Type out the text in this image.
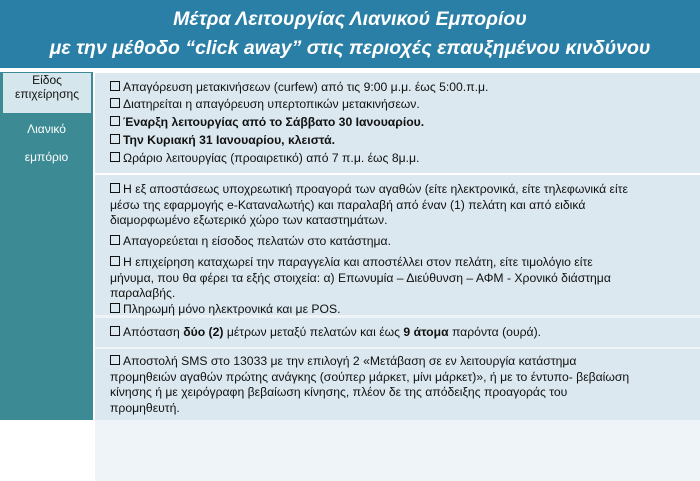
Μέτρα Λειτουργίας Λιανικού Εμπορίου
με την μέθοδο “click away” στις περιοχές επαυξημένου κινδύνου
Είδος
επιχείρησης
Λιανικό
εμπόριο
Απαγόρευση μετακινήσεων (curfew) από τις 9:00 μ.μ. έως 5:00.π.μ.
Διατηρείται η απαγόρευση υπερτοπικών μετακινήσεων.
Έναρξη λειτουργίας από το Σάββατο 30 Ιανουαρίου.
Την Κυριακή 31 Ιανουαρίου, κλειστά.
Ωράριο λειτουργίας (προαιρετικό) από 7 π.μ. έως 8μ.μ.
Η εξ αποστάσεως υποχρεωτική προαγορά των αγαθών (είτε ηλεκτρονικά, είτε τηλεφωνικά είτε
μέσω της εφαρμογής e-Καταναλωτής) και παραλαβή από έναν (1) πελάτη και από ειδικά
διαμορφωμένο εξωτερικό χώρο των καταστημάτων.
Απαγορεύεται η είσοδος πελατών στο κατάστημα.
Η επιχείρηση καταχωρεί την παραγγελία και αποστέλλει στον πελάτη, είτε τιμολόγιο είτε
μήνυμα, που θα φέρει τα εξής στοιχεία: α) Επωνυμία – Διεύθυνση – ΑΦΜ - Χρονικό διάστημα
παραλαβής.
Πληρωμή μόνο ηλεκτρονικά και με POS.
Απόσταση δύο (2) μέτρων μεταξύ πελατών και έως 9 άτομα παρόντα (ουρά).
Αποστολή SMS στο 13033 με την επιλογή 2 «Μετάβαση σε εν λειτουργία κατάστημα
προμηθειών αγαθών πρώτης ανάγκης (σούπερ μάρκετ, μίνι μάρκετ)», ή με το έντυπο- βεβαίωση
κίνησης ή με χειρόγραφη βεβαίωση κίνησης, πλέον δε της απόδειξης προαγοράς του
προμηθευτή.
